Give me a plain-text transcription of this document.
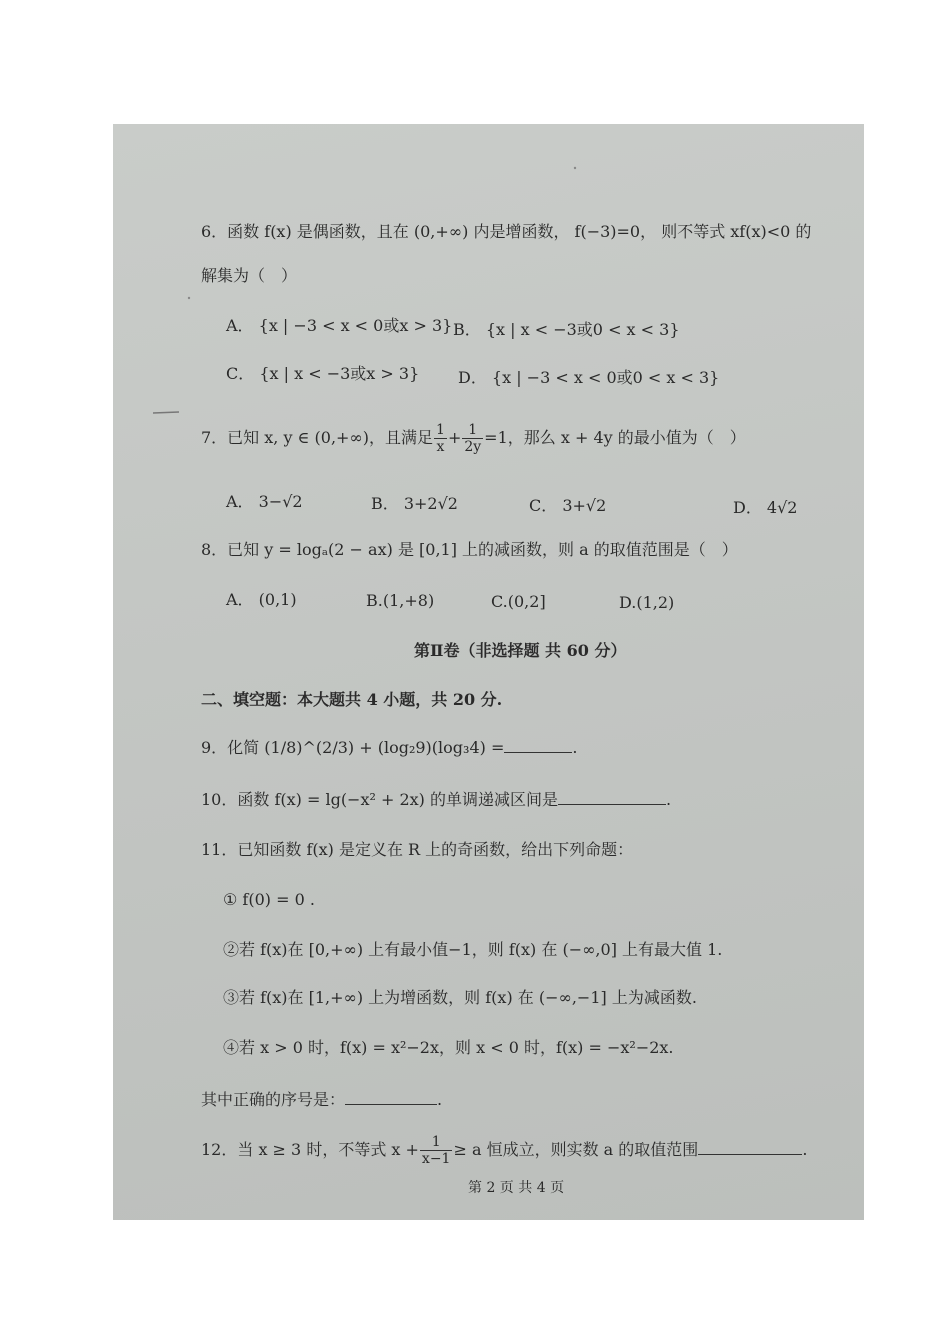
6．函数 f(x) 是偶函数，且在 (0,+∞) 内是增函数， f(−3)=0， 则不等式 xf(x)<0 的
解集为（　）
A． {x | −3 < x < 0或x > 3} B． {x | x < −3或0 < x < 3}
C． {x | x < −3或x > 3} D． {x | −3 < x < 0或0 < x < 3}
7．已知 x, y ∈ (0,+∞)，且满足 $\frac{1}{x} + \frac{1}{2y} =1$，那么 x + 4y 的最小值为（　）
A． 3−√2	B． 3+2√2	C． 3+√2	D． 4√2
8．已知 y = logₐ(2 − ax) 是 [0,1] 上的减函数，则 a 的取值范围是（　）
A． (0,1)	B.(1,+8)	C.(0,2]	D.(1,2)
第Ⅱ卷（非选择题 共 60 分）
二、填空题：本大题共 4 小题，共 20 分.
9．化简 (1/8)^(2/3) + (log₂9)(log₃4) =	.
10．函数 f(x) = lg(−x² + 2x) 的单调递减区间是	.
11．已知函数 f(x) 是定义在 R 上的奇函数，给出下列命题：
① f(0) = 0 .
②若 f(x)在 [0,+∞) 上有最小值−1，则 f(x) 在 (−∞,0] 上有最大值 1.
③若 f(x)在 [1,+∞) 上为增函数，则 f(x) 在 (−∞,−1] 上为减函数.
④若 x > 0 时，f(x) = x²−2x，则 x < 0 时，f(x) = −x²−2x.
其中正确的序号是：	.
12．当 x ≥ 3 时，不等式 $x + \frac{1}{x-1} \ge a$ 恒成立，则实数 a 的取值范围	.
第 2 页 共 4 页
